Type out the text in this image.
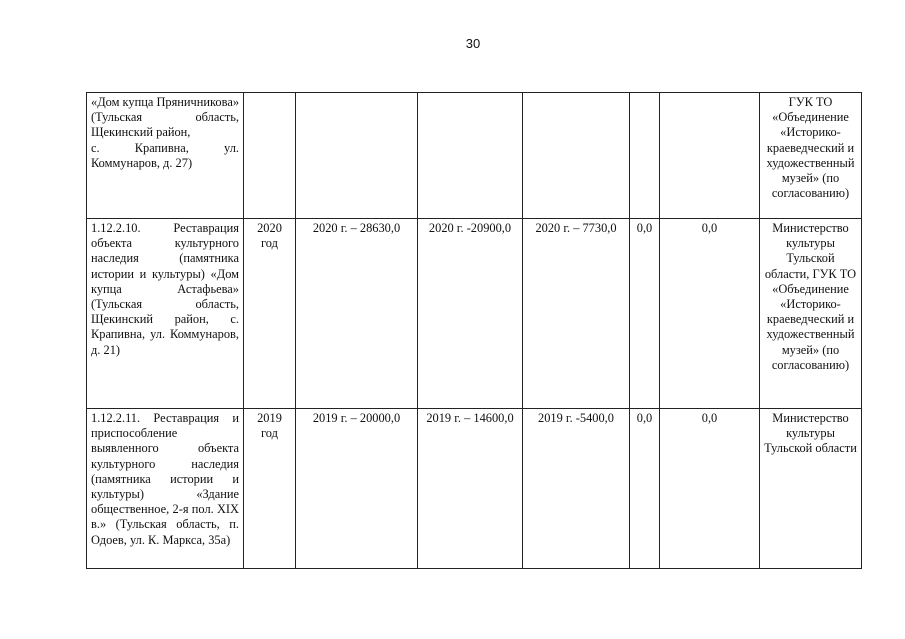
30
«Дом купца Пряничникова» (Тульская область, Щекинский район,
с. Крапивна, ул. Коммунаров, д. 27)							ГУК ТО «Объединение «Историко-краеведческий и художественный музей» (по согласованию)
1.12.2.10. Реставрация объекта культурного наследия (памятника истории и культуры) «Дом купца Астафьева» (Тульская область, Щекинский район, с. Крапивна, ул. Коммунаров, д. 21)	2020 год	2020 г. – 28630,0	2020 г. -20900,0	2020 г. – 7730,0	0,0	0,0	Министерство культуры Тульской области, ГУК ТО «Объединение «Историко-краеведческий и художественный музей» (по согласованию)
1.12.2.11. Реставрация и приспособление выявленного объекта культурного наследия (памятника истории и культуры) «Здание общественное, 2-я пол. XIX в.» (Тульская область, п. Одоев, ул. К. Маркса, 35а)	2019 год	2019 г. – 20000,0	2019 г. – 14600,0	2019 г. -5400,0	0,0	0,0	Министерство культуры Тульской области
